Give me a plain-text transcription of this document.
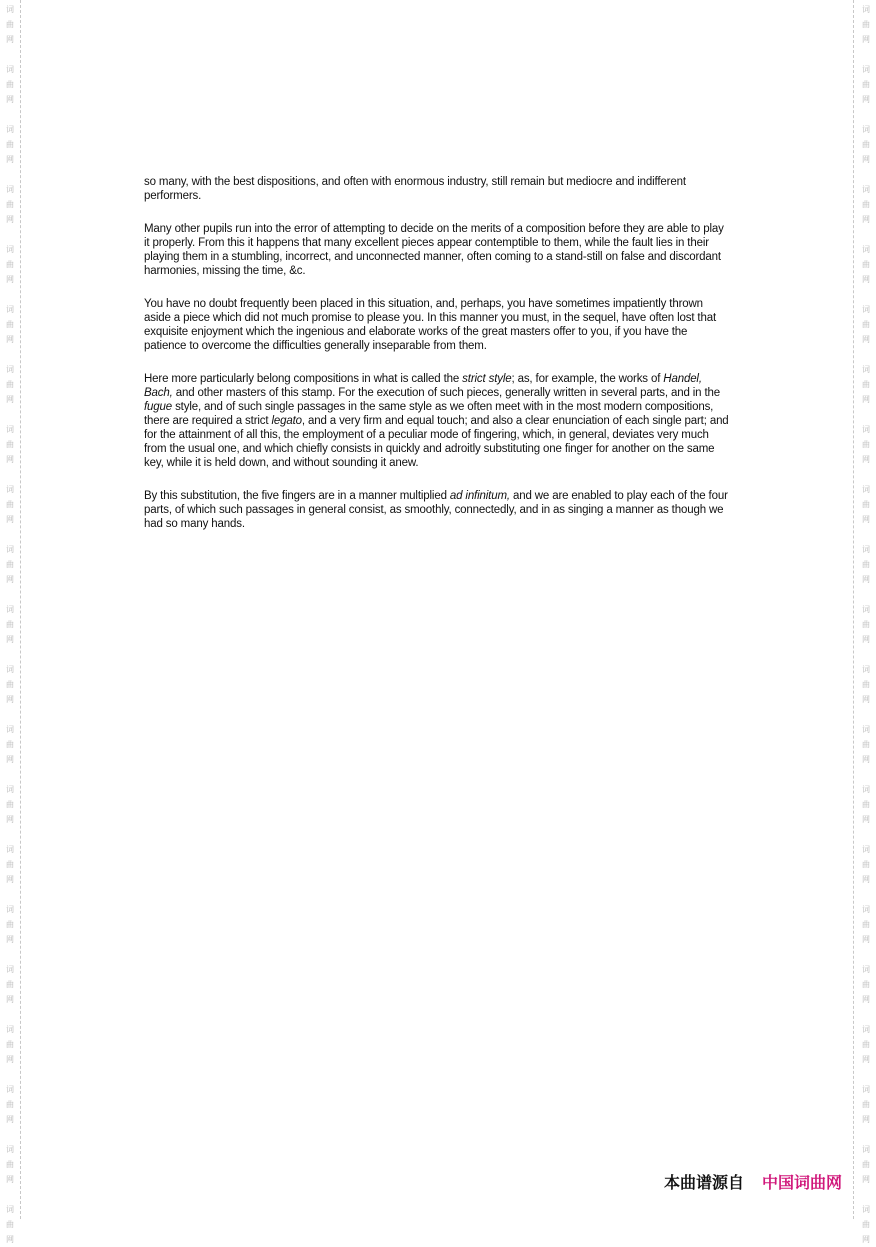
词
曲
网
词
曲
网
词
曲
网
词
曲
网
词
曲
网
词
曲
网
词
曲
网
词
曲
网
词
曲
网
词
曲
网
词
曲
网
词
曲
网
词
曲
网
词
曲
网
词
曲
网
词
曲
网
词
曲
网
词
曲
网
词
曲
网
词
曲
网
词
曲
网
词
曲
网
词
曲
网
词
曲
网
词
曲
网
词
曲
网
词
曲
网
词
曲
网
词
曲
网
词
曲
网
词
曲
网
词
曲
网
词
曲
网
词
曲
网
词
曲
网
词
曲
网
词
曲
网
词
曲
网
词
曲
网
词
曲
网
词
曲
网
词
曲
网

so many, with the best dispositions, and often with enormous industry, still remain but mediocre and indifferent performers.

Many other pupils run into the error of attempting to decide on the merits of a composition before they are able to play it properly. From this it happens that many excellent pieces appear contemptible to them, while the fault lies in their playing them in a stumbling, incorrect, and unconnected manner, often coming to a stand-still on false and discordant harmonies, missing the time, &c.

You have no doubt frequently been placed in this situation, and, perhaps, you have sometimes impatiently thrown aside a piece which did not much promise to please you. In this manner you must, in the sequel, have often lost that exquisite enjoyment which the ingenious and elaborate works of the great masters offer to you, if you have the patience to overcome the difficulties generally inseparable from them.

Here more particularly belong compositions in what is called the strict style; as, for example, the works of Handel, Bach, and other masters of this stamp. For the execution of such pieces, generally written in several parts, and in the fugue style, and of such single passages in the same style as we often meet with in the most modern compositions, there are required a strict legato, and a very firm and equal touch; and also a clear enunciation of each single part; and for the attainment of all this, the employment of a peculiar mode of fingering, which, in general, deviates very much from the usual one, and which chiefly consists in quickly and adroitly substituting one finger for another on the same key, while it is held down, and without sounding it anew.

By this substitution, the five fingers are in a manner multiplied ad infinitum, and we are enabled to play each of the four parts, of which such passages in general consist, as smoothly, connectedly, and in as singing a manner as though we had so many hands.

本曲谱源自 中国词曲网
